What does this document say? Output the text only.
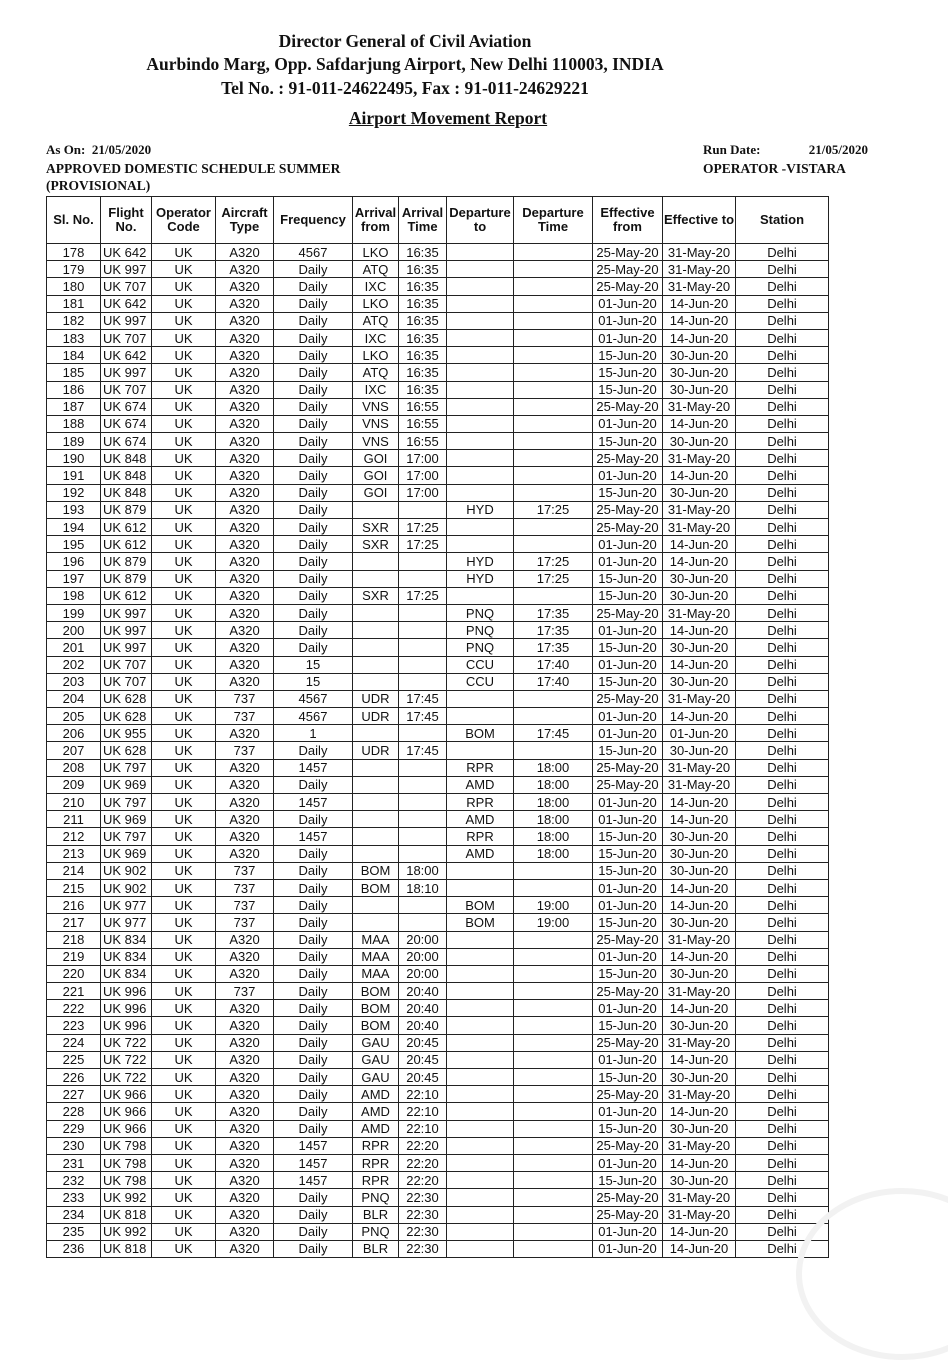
Director General of Civil Aviation
Aurbindo Marg, Opp. Safdarjung Airport, New Delhi 110003, INDIA
Tel No. : 91-011-24622495, Fax : 91-011-24629221
Airport Movement Report
As On: 21/05/2020	Run Date:	21/05/2020
APPROVED DOMESTIC SCHEDULE SUMMER	OPERATOR -VISTARA
(PROVISIONAL)
Sl. No.	Flight No.	Operator Code	Aircraft Type	Frequency	Arrival from	Arrival Time	Departure to	Departure Time	Effective from	Effective to	Station
178	UK 642	UK	A320	4567	LKO	16:35			25-May-20	31-May-20	Delhi
179	UK 997	UK	A320	Daily	ATQ	16:35			25-May-20	31-May-20	Delhi
180	UK 707	UK	A320	Daily	IXC	16:35			25-May-20	31-May-20	Delhi
181	UK 642	UK	A320	Daily	LKO	16:35			01-Jun-20	14-Jun-20	Delhi
182	UK 997	UK	A320	Daily	ATQ	16:35			01-Jun-20	14-Jun-20	Delhi
183	UK 707	UK	A320	Daily	IXC	16:35			01-Jun-20	14-Jun-20	Delhi
184	UK 642	UK	A320	Daily	LKO	16:35			15-Jun-20	30-Jun-20	Delhi
185	UK 997	UK	A320	Daily	ATQ	16:35			15-Jun-20	30-Jun-20	Delhi
186	UK 707	UK	A320	Daily	IXC	16:35			15-Jun-20	30-Jun-20	Delhi
187	UK 674	UK	A320	Daily	VNS	16:55			25-May-20	31-May-20	Delhi
188	UK 674	UK	A320	Daily	VNS	16:55			01-Jun-20	14-Jun-20	Delhi
189	UK 674	UK	A320	Daily	VNS	16:55			15-Jun-20	30-Jun-20	Delhi
190	UK 848	UK	A320	Daily	GOI	17:00			25-May-20	31-May-20	Delhi
191	UK 848	UK	A320	Daily	GOI	17:00			01-Jun-20	14-Jun-20	Delhi
192	UK 848	UK	A320	Daily	GOI	17:00			15-Jun-20	30-Jun-20	Delhi
193	UK 879	UK	A320	Daily			HYD	17:25	25-May-20	31-May-20	Delhi
194	UK 612	UK	A320	Daily	SXR	17:25			25-May-20	31-May-20	Delhi
195	UK 612	UK	A320	Daily	SXR	17:25			01-Jun-20	14-Jun-20	Delhi
196	UK 879	UK	A320	Daily			HYD	17:25	01-Jun-20	14-Jun-20	Delhi
197	UK 879	UK	A320	Daily			HYD	17:25	15-Jun-20	30-Jun-20	Delhi
198	UK 612	UK	A320	Daily	SXR	17:25			15-Jun-20	30-Jun-20	Delhi
199	UK 997	UK	A320	Daily			PNQ	17:35	25-May-20	31-May-20	Delhi
200	UK 997	UK	A320	Daily			PNQ	17:35	01-Jun-20	14-Jun-20	Delhi
201	UK 997	UK	A320	Daily			PNQ	17:35	15-Jun-20	30-Jun-20	Delhi
202	UK 707	UK	A320	15			CCU	17:40	01-Jun-20	14-Jun-20	Delhi
203	UK 707	UK	A320	15			CCU	17:40	15-Jun-20	30-Jun-20	Delhi
204	UK 628	UK	737	4567	UDR	17:45			25-May-20	31-May-20	Delhi
205	UK 628	UK	737	4567	UDR	17:45			01-Jun-20	14-Jun-20	Delhi
206	UK 955	UK	A320	1			BOM	17:45	01-Jun-20	01-Jun-20	Delhi
207	UK 628	UK	737	Daily	UDR	17:45			15-Jun-20	30-Jun-20	Delhi
208	UK 797	UK	A320	1457			RPR	18:00	25-May-20	31-May-20	Delhi
209	UK 969	UK	A320	Daily			AMD	18:00	25-May-20	31-May-20	Delhi
210	UK 797	UK	A320	1457			RPR	18:00	01-Jun-20	14-Jun-20	Delhi
211	UK 969	UK	A320	Daily			AMD	18:00	01-Jun-20	14-Jun-20	Delhi
212	UK 797	UK	A320	1457			RPR	18:00	15-Jun-20	30-Jun-20	Delhi
213	UK 969	UK	A320	Daily			AMD	18:00	15-Jun-20	30-Jun-20	Delhi
214	UK 902	UK	737	Daily	BOM	18:00			15-Jun-20	30-Jun-20	Delhi
215	UK 902	UK	737	Daily	BOM	18:10			01-Jun-20	14-Jun-20	Delhi
216	UK 977	UK	737	Daily			BOM	19:00	01-Jun-20	14-Jun-20	Delhi
217	UK 977	UK	737	Daily			BOM	19:00	15-Jun-20	30-Jun-20	Delhi
218	UK 834	UK	A320	Daily	MAA	20:00			25-May-20	31-May-20	Delhi
219	UK 834	UK	A320	Daily	MAA	20:00			01-Jun-20	14-Jun-20	Delhi
220	UK 834	UK	A320	Daily	MAA	20:00			15-Jun-20	30-Jun-20	Delhi
221	UK 996	UK	737	Daily	BOM	20:40			25-May-20	31-May-20	Delhi
222	UK 996	UK	A320	Daily	BOM	20:40			01-Jun-20	14-Jun-20	Delhi
223	UK 996	UK	A320	Daily	BOM	20:40			15-Jun-20	30-Jun-20	Delhi
224	UK 722	UK	A320	Daily	GAU	20:45			25-May-20	31-May-20	Delhi
225	UK 722	UK	A320	Daily	GAU	20:45			01-Jun-20	14-Jun-20	Delhi
226	UK 722	UK	A320	Daily	GAU	20:45			15-Jun-20	30-Jun-20	Delhi
227	UK 966	UK	A320	Daily	AMD	22:10			25-May-20	31-May-20	Delhi
228	UK 966	UK	A320	Daily	AMD	22:10			01-Jun-20	14-Jun-20	Delhi
229	UK 966	UK	A320	Daily	AMD	22:10			15-Jun-20	30-Jun-20	Delhi
230	UK 798	UK	A320	1457	RPR	22:20			25-May-20	31-May-20	Delhi
231	UK 798	UK	A320	1457	RPR	22:20			01-Jun-20	14-Jun-20	Delhi
232	UK 798	UK	A320	1457	RPR	22:20			15-Jun-20	30-Jun-20	Delhi
233	UK 992	UK	A320	Daily	PNQ	22:30			25-May-20	31-May-20	Delhi
234	UK 818	UK	A320	Daily	BLR	22:30			25-May-20	31-May-20	Delhi
235	UK 992	UK	A320	Daily	PNQ	22:30			01-Jun-20	14-Jun-20	Delhi
236	UK 818	UK	A320	Daily	BLR	22:30			01-Jun-20	14-Jun-20	Delhi
